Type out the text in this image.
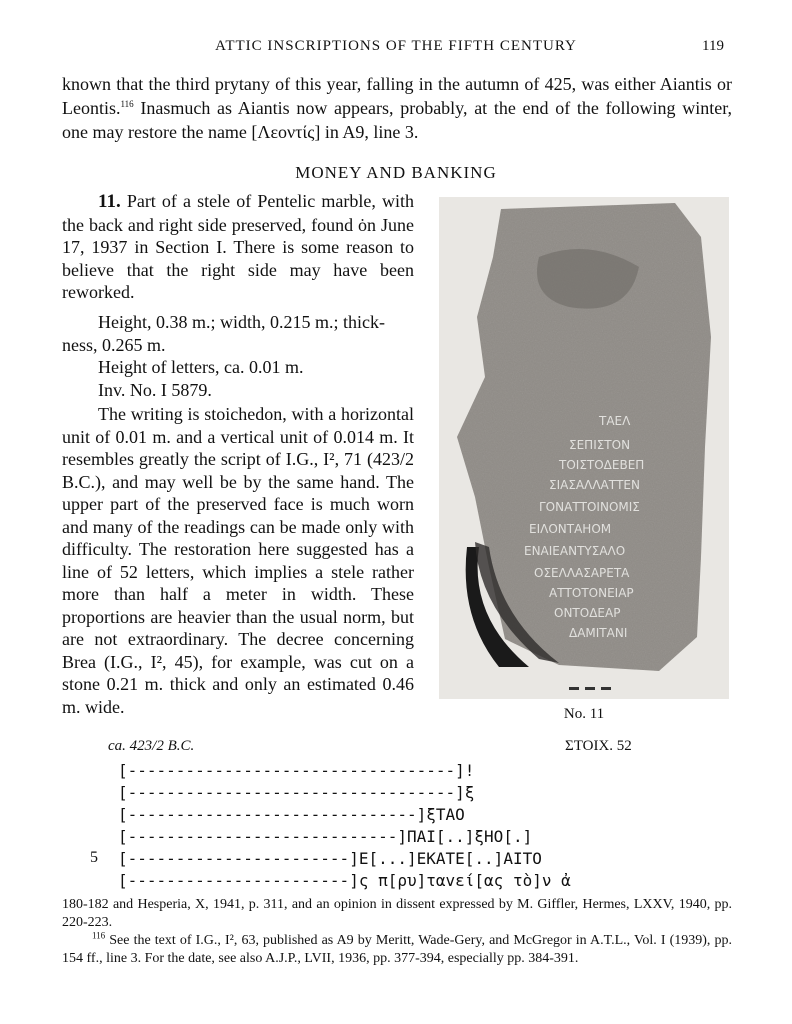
ATTIC INSCRIPTIONS OF THE FIFTH CENTURY	119

known that the third prytany of this year, falling in the autumn of 425, was either Aiantis or Leontis.$^{116}$ Inasmuch as Aiantis now appears, probably, at the end of the following winter, one may restore the name [Λεοντίς] in A9, line 3.

MONEY AND BANKING

11. Part of a stele of Pentelic marble, with the back and right side preserved, found ȯn June 17, 1937 in Section I. There is some reason to believe that the right side may have been reworked.

Height, 0.38 m.; width, 0.215 m.; thick-
ness, 0.265 m.
Height of letters, ca. 0.01 m.
Inv. No. I 5879.

The writing is stoichedon, with a horizontal unit of 0.01 m. and a vertical unit of 0.014 m. It resembles greatly the script of I.G., I², 71 (423/2 B.C.), and may well be by the same hand. The upper part of the preserved face is much worn and many of the readings can be made only with difficulty. The restoration here suggested has a line of 52 letters, which implies a stele rather more than half a meter in width. These proportions are heavier than the usual norm, but are not extraordinary. The decree concerning Brea (I.G., I², 45), for example, was cut on a stone 0.21 m. thick and only an estimated 0.46 m. wide.

ΤΑΕΛ
ΣΕΠΙΣΤΟΝ
ΤΟΙΣΤΟΔΕΒΕΠ
ΣΙΑΣΑΛΛΑΤΤΕΝ
ΓΟΝΑΤΤΟΙΝΟΜΙΣ
ΕΙΛΟΝΤΑΗΟΜ
ΕΝΑΙΕΑΝΤΥΣΑΛΟ
ΟΣΕΛΛΑΣΑΡΕΤΑ
ΑΤΤΟΤΟΝΕΙΑΡ
ΟΝΤΟΔΕΑΡ
ΔΑΜΙΤΑΝΙ
No. 11
ca. 423/2 B.C.	ΣΤΟΙΧ. 52
[----------------------------------]!
[----------------------------------]ξ
[------------------------------]ξΤΑΟ
[----------------------------]ΠΑΙ[..]ξΗΟ[.]
5 [-----------------------]Ε[...]ΕΚΑΤΕ[..]ΑΙΤΟ
[-----------------------]ς π[ρυ]ταvεί[ας τὸ]ν ἀ

180-182 and Hesperia, X, 1941, p. 311, and an opinion in dissent expressed by M. Giffler, Hermes, LXXV, 1940, pp. 220-223.

$^{116}$ See the text of I.G., I², 63, published as A9 by Meritt, Wade-Gery, and McGregor in A.T.L., Vol. I (1939), pp. 154 ff., line 3. For the date, see also A.J.P., LVII, 1936, pp. 377-394, especially pp. 384-391.
